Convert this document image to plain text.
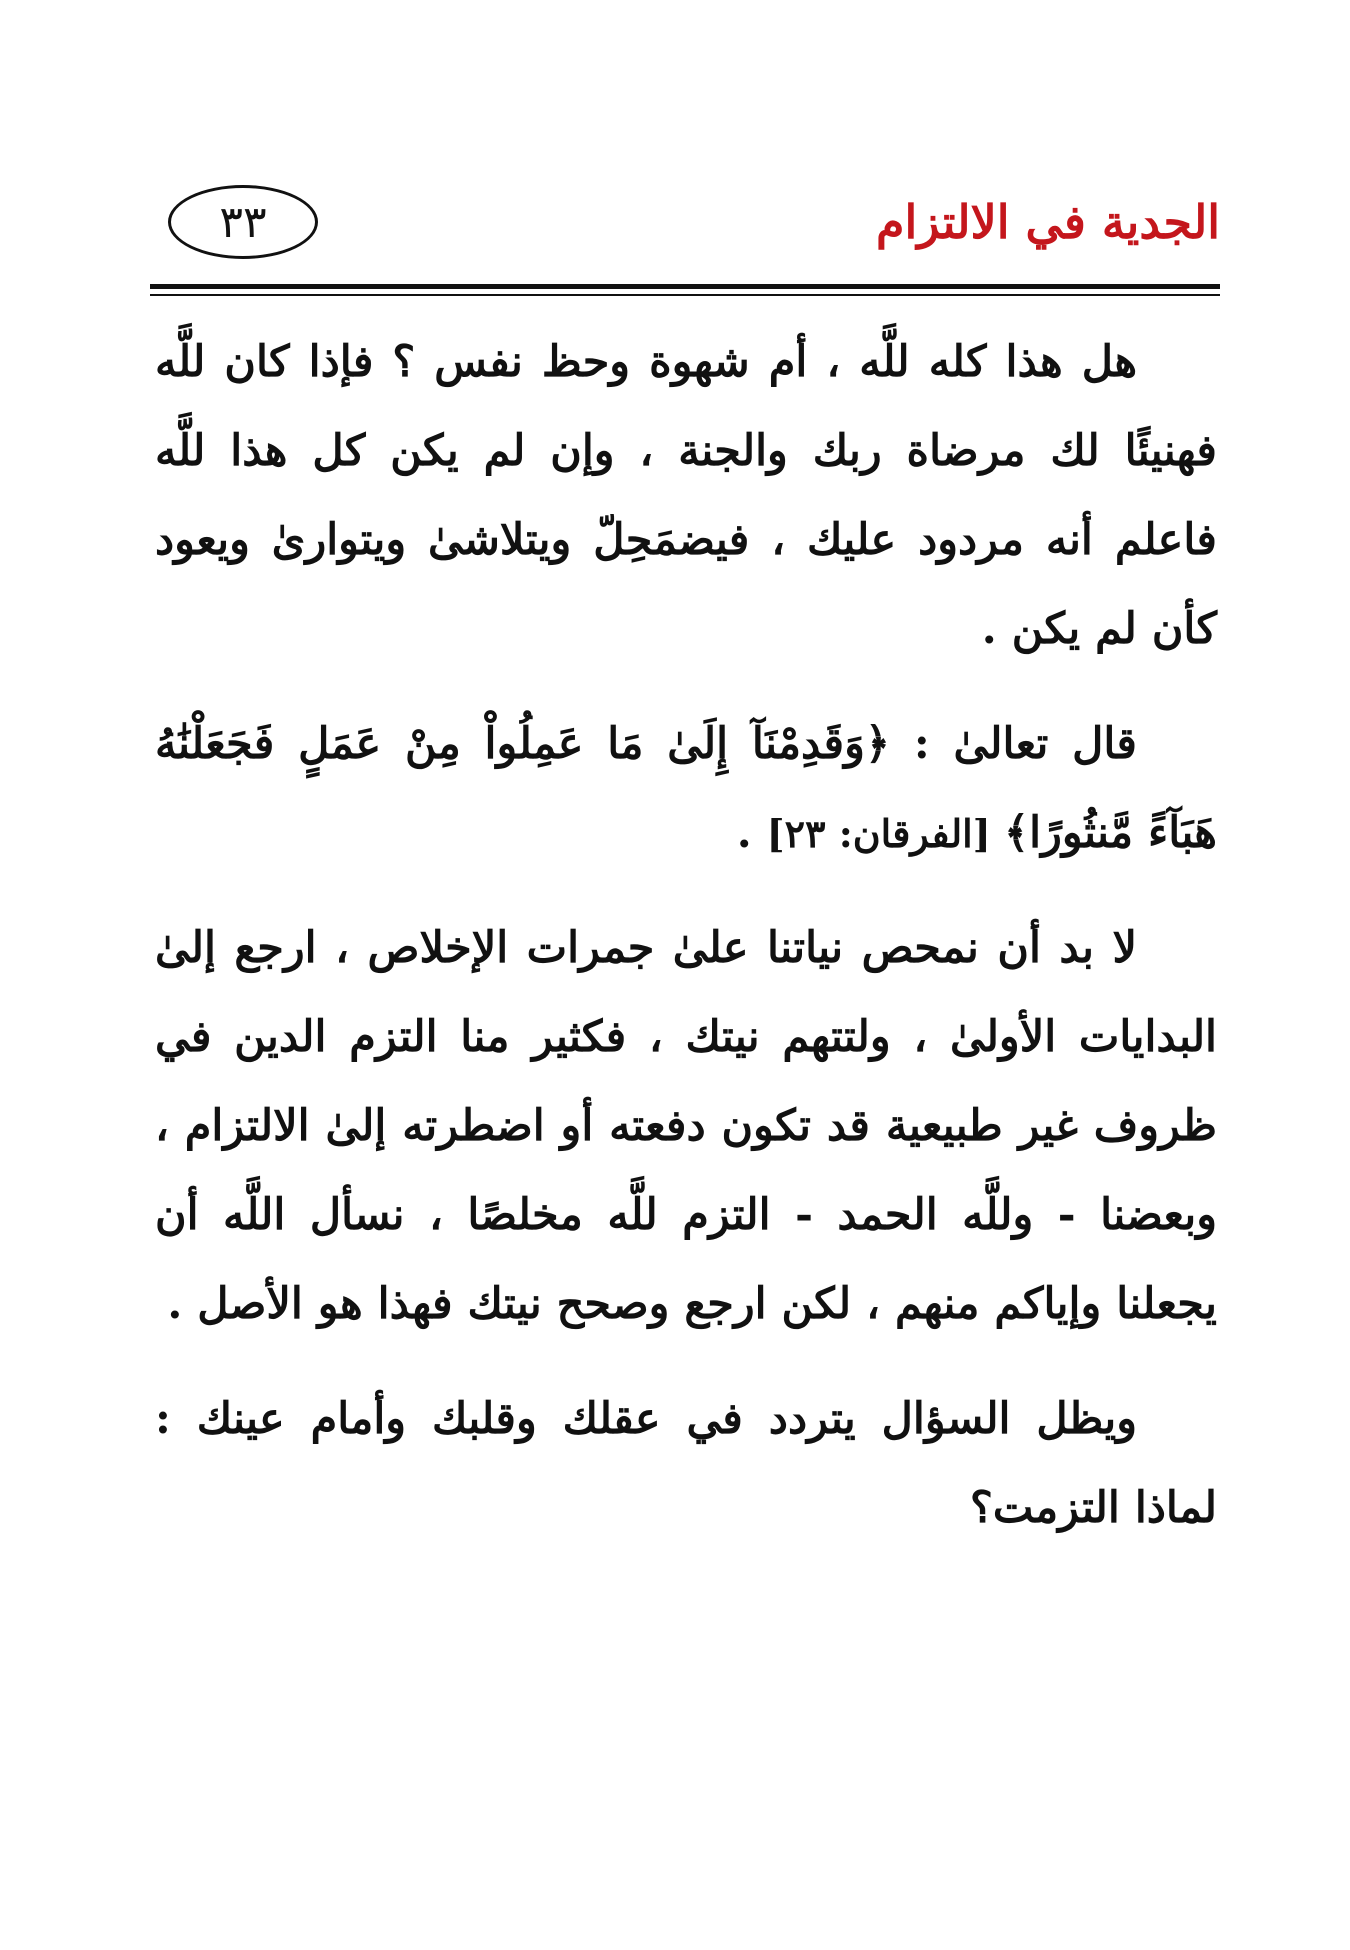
٣٣	الجدية في الالتزام

هل هذا كله للَّه ، أم شهوة وحظ نفس ؟ فإذا كان للَّه فهنيئًا لك مرضاة ربك والجنة ، وإن لم يكن كل هذا للَّه فاعلم أنه مردود عليك ، فيضمَحِلّ ويتلاشىٰ ويتوارىٰ ويعود كأن لم يكن .

قال تعالىٰ : ﴿وَقَدِمْنَآ إِلَىٰ مَا عَمِلُواْ مِنْ عَمَلٍ فَجَعَلْنَٰهُ هَبَآءً مَّنثُورًا﴾ [الفرقان: ٢٣] .

لا بد أن نمحص نياتنا علىٰ جمرات الإخلاص ، ارجع إلىٰ البدايات الأولىٰ ، ولتتهم نيتك ، فكثير منا التزم الدين في ظروف غير طبيعية قد تكون دفعته أو اضطرته إلىٰ الالتزام ، وبعضنا - وللَّه الحمد - التزم للَّه مخلصًا ، نسأل اللَّه أن يجعلنا وإياكم منهم ، لكن ارجع وصحح نيتك فهذا هو الأصل .

ويظل السؤال يتردد في عقلك وقلبك وأمام عينك : لماذا التزمت؟
